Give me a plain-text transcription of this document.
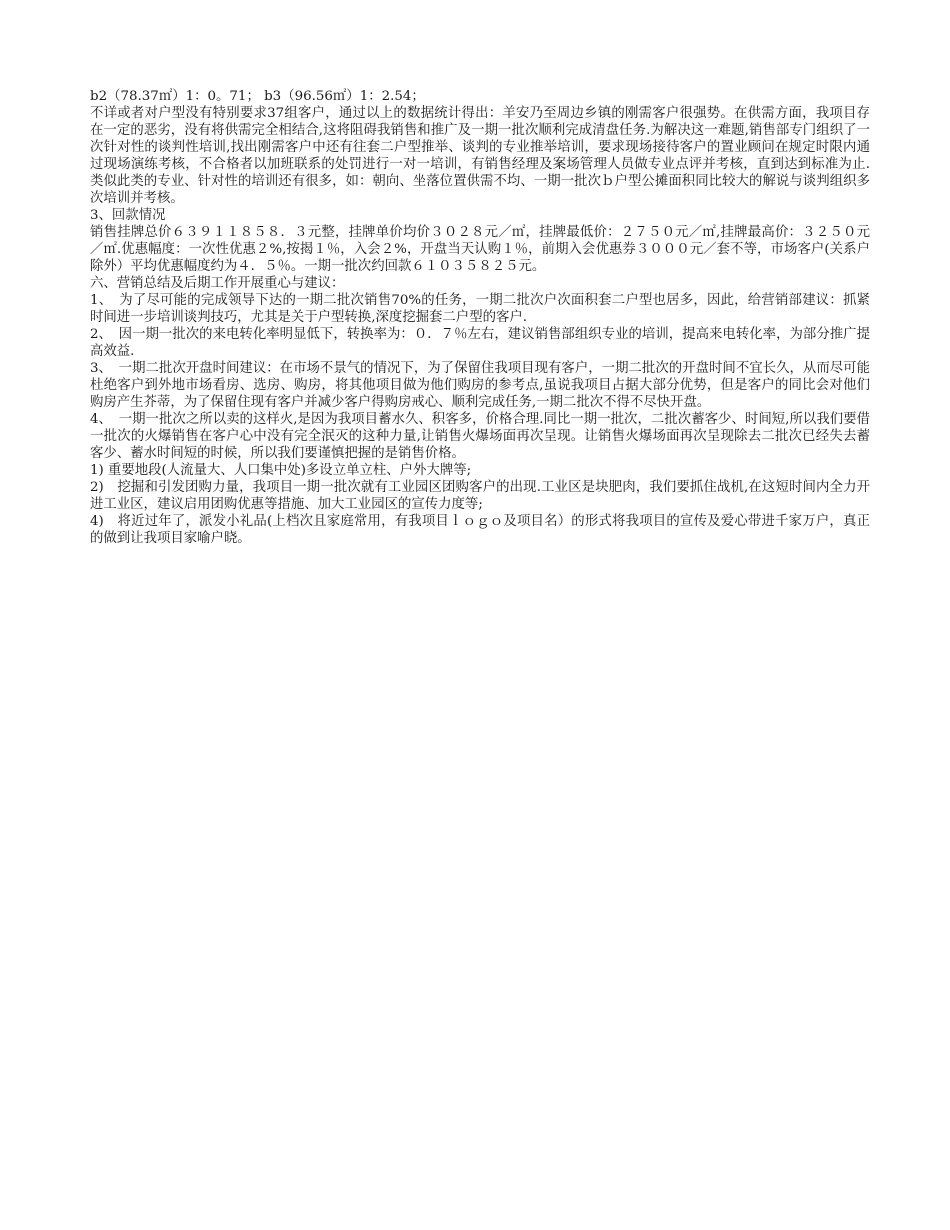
b2（78.37㎡）1：0。71； b3（96.56㎡）1：2.54；

不详或者对户型没有特别要求37组客户，通过以上的数据统计得出：羊安乃至周边乡镇的刚需客户很强势。在供需方面，我项目存在一定的恶劣，没有将供需完全相结合,这将阻碍我销售和推广及一期一批次顺利完成清盘任务.为解决这一难题,销售部专门组织了一次针对性的谈判性培训,找出刚需客户中还有往套二户型推举、谈判的专业推举培训，要求现场接待客户的置业顾问在规定时限内通过现场演练考核，不合格者以加班联系的处罚进行一对一培训，有销售经理及案场管理人员做专业点评并考核，直到达到标准为止.类似此类的专业、针对性的培训还有很多，如：朝向、坐落位置供需不均、一期一批次ｂ户型公摊面积同比较大的解说与谈判组织多次培训并考核。

3、回款情况

销售挂牌总价６３９１１８５８．３元整，挂牌单价均价３０２８元／㎡，挂牌最低价：２７５０元／㎡,挂牌最高价：３２５０元／㎡.优惠幅度：一次性优惠２%,按揭１％，入会２%，开盘当天认购１％，前期入会优惠券３０００元／套不等，市场客户(关系户除外）平均优惠幅度约为４．５％。一期一批次约回款６１０３５８２５元。

六、营销总结及后期工作开展重心与建议：

1、　为了尽可能的完成领导下达的一期二批次销售70%的任务，一期二批次户次面积套二户型也居多，因此，给营销部建议：抓紧时间进一步培训谈判技巧，尤其是关于户型转换,深度挖掘套二户型的客户.

2、　因一期一批次的来电转化率明显低下，转换率为：０．７％左右，建议销售部组织专业的培训，提高来电转化率，为部分推广提高效益.

3、　一期二批次开盘时间建议：在市场不景气的情况下，为了保留住我项目现有客户，一期二批次的开盘时间不宜长久，从而尽可能杜绝客户到外地市场看房、选房、购房，将其他项目做为他们购房的参考点,虽说我项目占据大部分优势，但是客户的同比会对他们购房产生芥蒂，为了保留住现有客户并减少客户得购房戒心、顺利完成任务,一期二批次不得不尽快开盘。

4、　一期一批次之所以卖的这样火,是因为我项目蓄水久、积客多，价格合理.同比一期一批次，二批次蓄客少、时间短,所以我们要借一批次的火爆销售在客户心中没有完全泯灭的这种力量,让销售火爆场面再次呈现。让销售火爆场面再次呈现除去二批次已经失去蓄客少、蓄水时间短的时候，所以我们要谨慎把握的是销售价格。

1) 重要地段(人流量大、人口集中处)多设立单立柱、户外大牌等;

2)　挖掘和引发团购力量，我项目一期一批次就有工业园区团购客户的出现.工业区是块肥肉，我们要抓住战机,在这短时间内全力开进工业区，建议启用团购优惠等措施、加大工业园区的宣传力度等;

4)　将近过年了，派发小礼品(上档次且家庭常用，有我项目ｌｏｇｏ及项目名）的形式将我项目的宣传及爱心带进千家万户，真正的做到让我项目家喻户晓。
